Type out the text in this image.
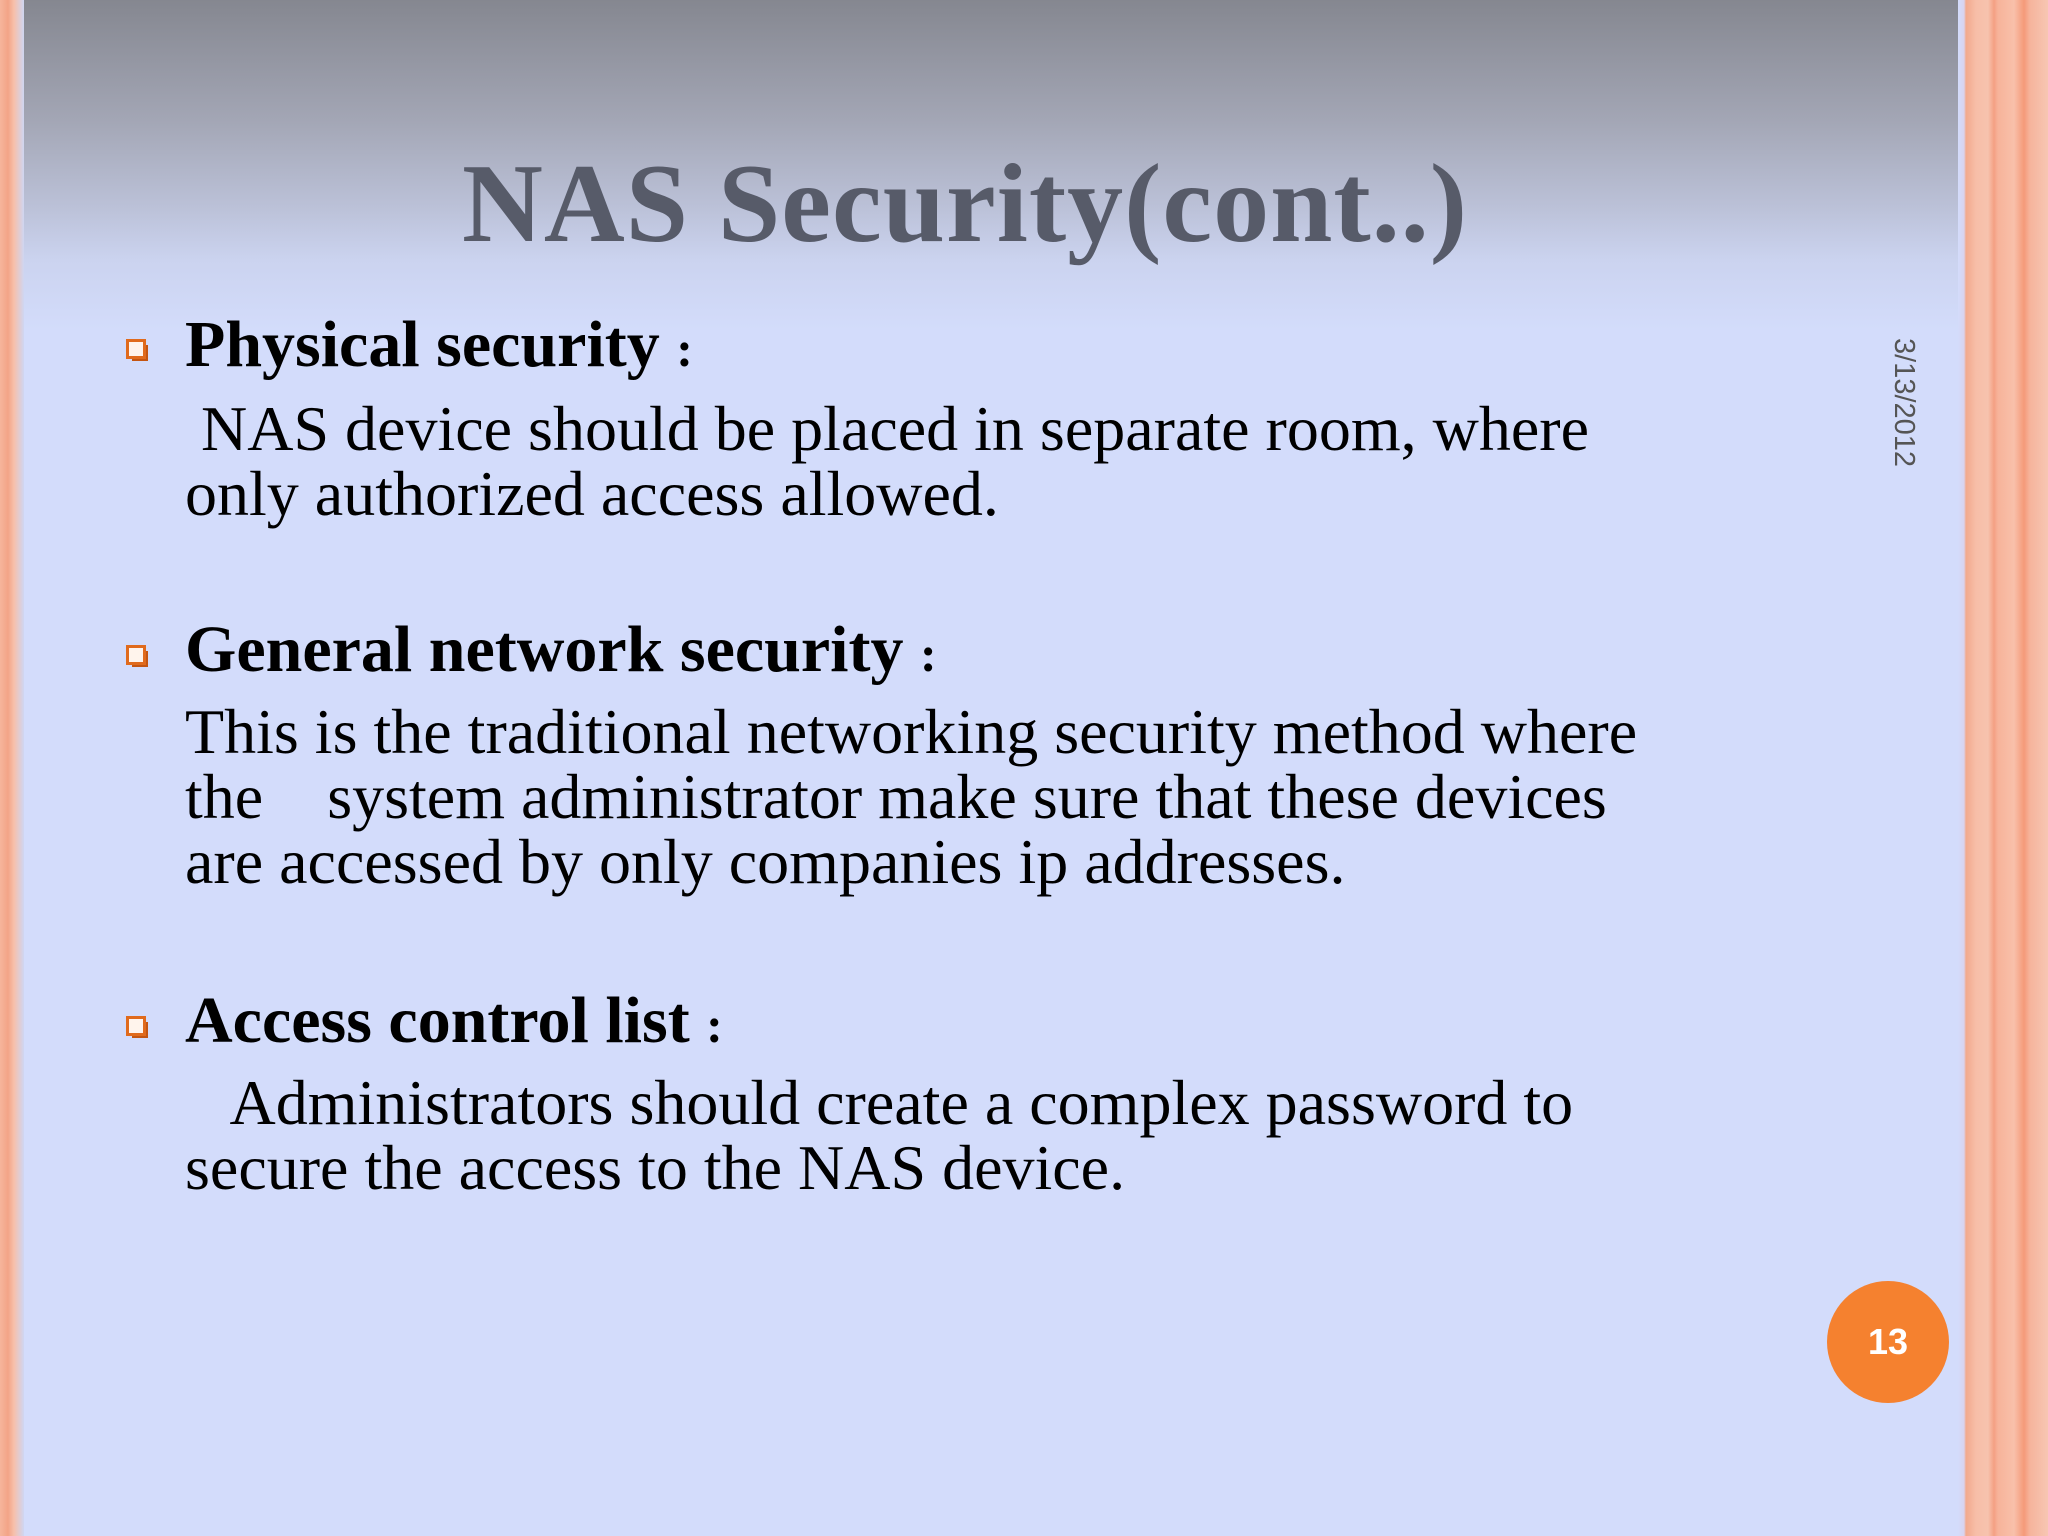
NAS Security(cont..)
3/13/2012
Physical security :
NAS device should be placed in separate room, where
only authorized access allowed.
General network security :
This is the traditional networking security method where
the    system administrator make sure that these devices
are accessed by only companies ip addresses.
Access control list :
Administrators should create a complex password to
secure the access to the NAS device.
13
